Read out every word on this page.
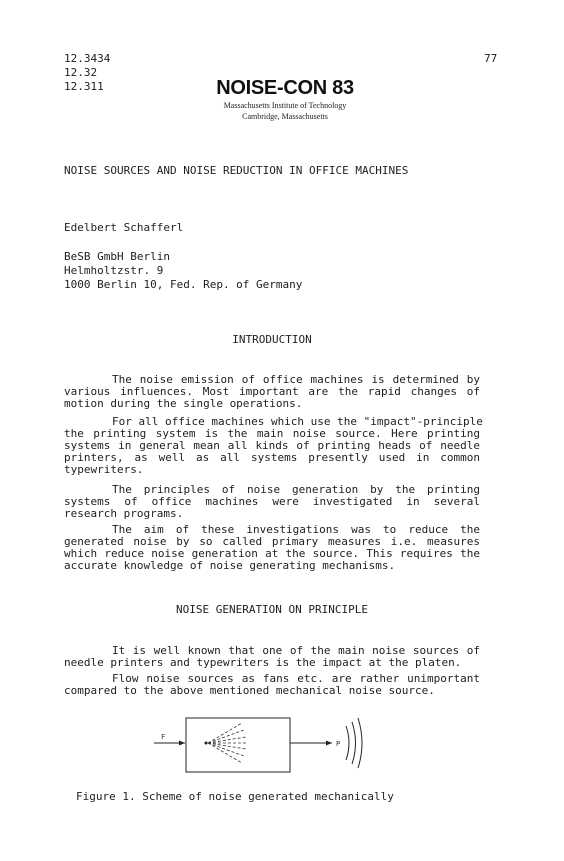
12.3434
12.32
12.311
77
NOISE-CON 83
Massachusetts Institute of Technology
Cambridge, Massachusetts
NOISE SOURCES AND NOISE REDUCTION IN OFFICE MACHINES
Edelbert Schafferl
BeSB GmbH Berlin
Helmholtzstr. 9
1000 Berlin 10, Fed. Rep. of Germany
INTRODUCTION
The noise emission of office machines is determined by
various influences. Most important are the rapid changes of
motion during the single operations.
For all office machines which use the "impact"-principle
the printing system is the main noise source. Here printing
systems in general mean all kinds of printing heads of needle
printers, as well as all systems presently used in common
typewriters.
The principles of noise generation by the printing
systems of office machines were investigated in several
research programs.
The aim of these investigations was to reduce the
generated noise by so called primary measures i.e. measures
which reduce noise generation at the source. This requires the
accurate knowledge of noise generating mechanisms.
NOISE GENERATION ON PRINCIPLE
It is well known that one of the main noise sources of
needle printers and typewriters is the impact at the platen.
Flow noise sources as fans etc. are rather unimportant
compared to the above mentioned mechanical noise source.
F
P
Figure 1. Scheme of noise generated mechanically
